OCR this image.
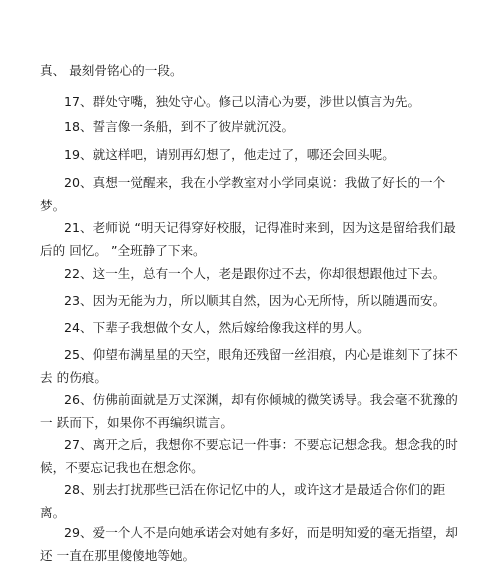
真、 最刻骨铭心的一段。

17、群处守嘴，独处守心。修己以清心为要，涉世以慎言为先。

18、誓言像一条船，到不了彼岸就沉没。

19、就这样吧，请别再幻想了，他走过了，哪还会回头呢。

20、真想一觉醒来，我在小学教室对小学同桌说：我做了好长的一个梦。

21、老师说 “明天记得穿好校服，记得准时来到，因为这是留给我们最后的 回忆。 ”全班静了下来。

22、这一生，总有一个人，老是跟你过不去，你却很想跟他过下去。

23、因为无能为力，所以顺其自然，因为心无所恃，所以随遇而安。

24、下辈子我想做个女人，然后嫁给像我这样的男人。

25、仰望布满星星的天空，眼角还残留一丝泪痕，内心是谁刻下了抹不去 的伤痕。

26、仿佛前面就是万丈深渊，却有你倾城的微笑诱导。我会毫不犹豫的一 跃而下，如果你不再编织谎言。

27、离开之后，我想你不要忘记一件事：不要忘记想念我。想念我的时 候，不要忘记我也在想念你。

28、别去打扰那些已活在你记忆中的人，或许这才是最适合你们的距离。

29、爱一个人不是向她承诺会对她有多好，而是明知爱的毫无指望，却还 一直在那里傻傻地等她。
